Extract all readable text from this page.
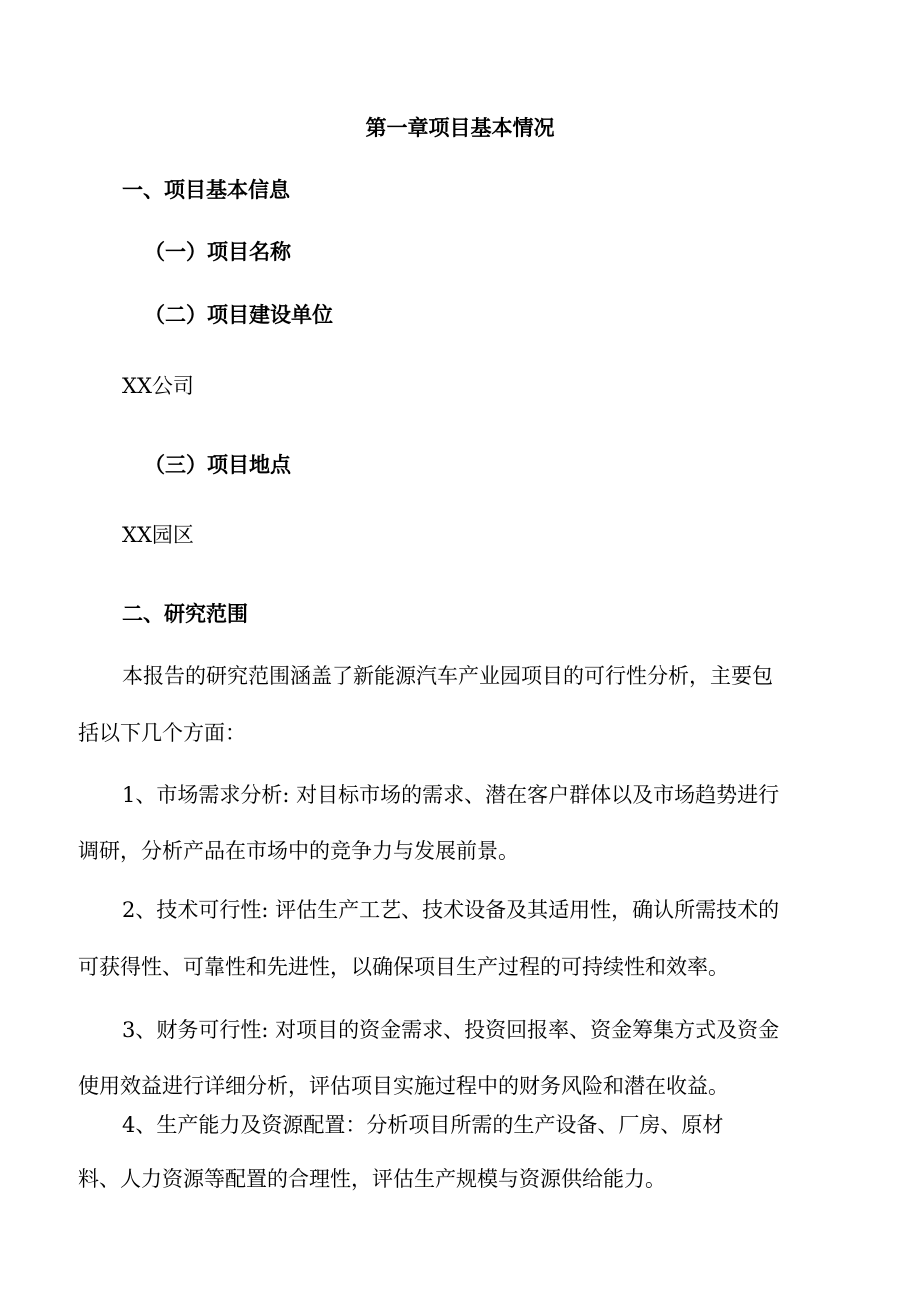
第一章项目基本情况
一、项目基本信息
（一）项目名称
（二）项目建设单位

XX公司

（三）项目地点

XX园区

二、研究范围
本报告的研究范围涵盖了新能源汽车产业园项目的可行性分析，主要包
括以下几个方面：
1、市场需求分析: 对目标市场的需求、潜在客户群体以及市场趋势进行
调研，分析产品在市场中的竞争力与发展前景。
2、技术可行性: 评估生产工艺、技术设备及其适用性，确认所需技术的
可获得性、可靠性和先进性，以确保项目生产过程的可持续性和效率。
3、财务可行性: 对项目的资金需求、投资回报率、资金筹集方式及资金
使用效益进行详细分析，评估项目实施过程中的财务风险和潜在收益。
4、生产能力及资源配置：分析项目所需的生产设备、厂房、原材
料、人力资源等配置的合理性，评估生产规模与资源供给能力。
